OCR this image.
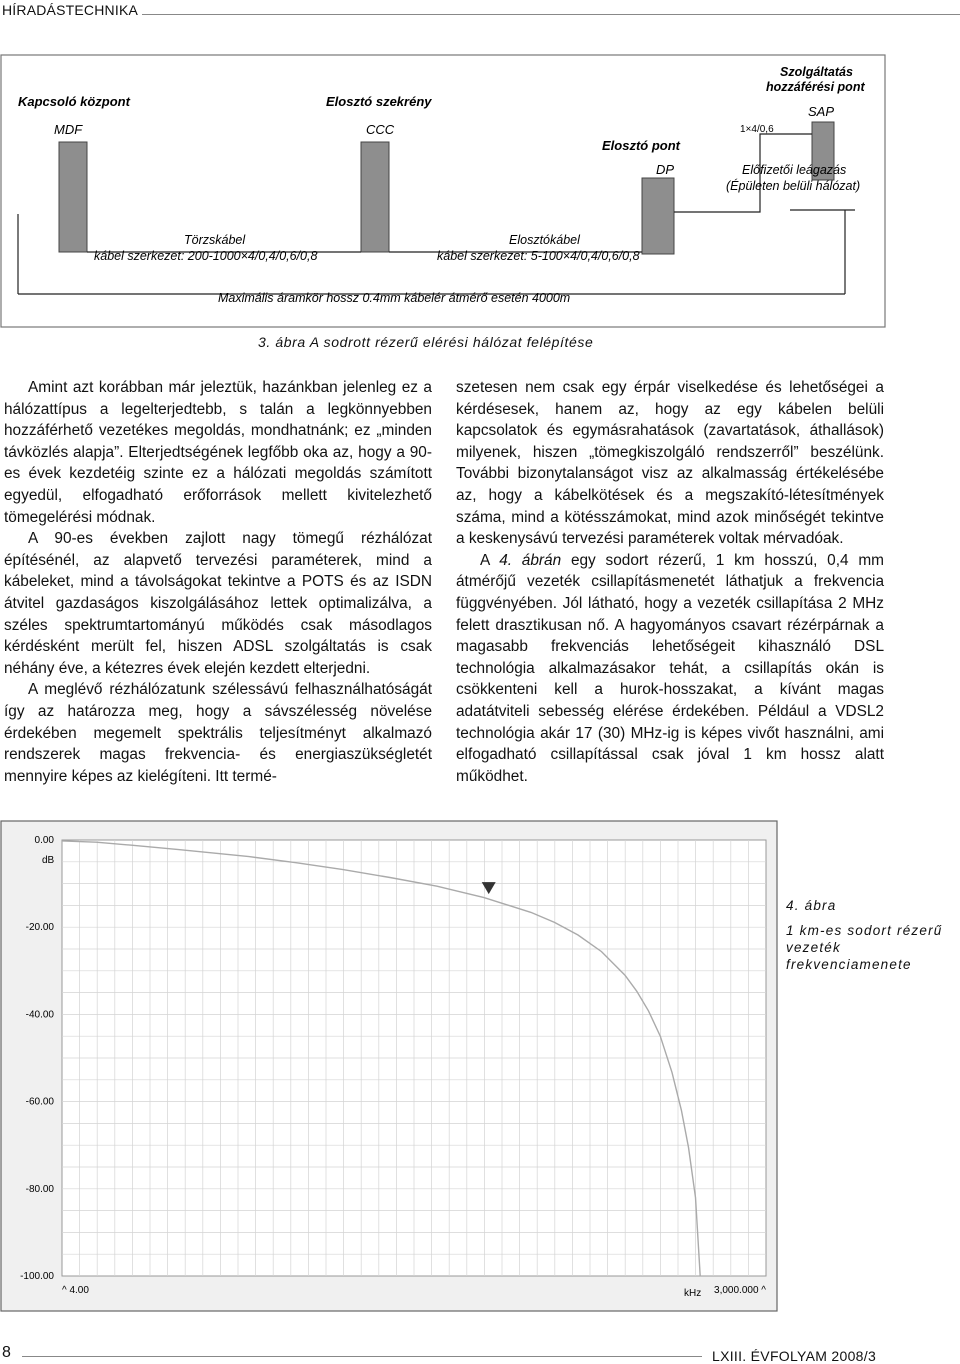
HÍRADÁSTECHNIKA
Kapcsoló központ
MDF
Elosztó szekrény
CCC
Szolgáltatás
hozzáférési pont
SAP
1×4/0,6
Elosztó pont
DP	Előfizetői leágazás
(Épületen belüli hálózat)
Törzskábel
kábel szerkezet: 200-1000×4/0,4/0,6/0,8
Elosztókábel
kábel szerkezet: 5-100×4/0,4/0,6/0,8
Maximális áramkör hossz 0.4mm kábelér átmérő esetén 4000m
3. ábra A sodrott rézerű elérési hálózat felépítése

Amint azt korábban már jeleztük, hazánkban jelenleg ez a hálózattípus a legelterjedtebb, s talán a legkönnyebben hozzáférhető vezetékes megoldás, mondhatnánk; ez „minden távközlés alapja”. Elterjedtségének legfőbb oka az, hogy a 90-es évek kezdetéig szinte ez a hálózati megoldás számított egyedül, elfogadható erőforrások mellett kivitelezhető tömegelérési módnak.

A 90-es években zajlott nagy tömegű rézhálózat építésénél, az alapvető tervezési paraméterek, mind a kábeleket, mind a távolságokat tekintve a POTS és az ISDN átvitel gazdaságos kiszolgálásához lettek optimalizálva, a széles spektrumtartományú működés csak másodlagos kérdésként merült fel, hiszen ADSL szolgáltatás is csak néhány éve, a kétezres évek elején kezdett elterjedni.

A meglévő rézhálózatunk szélessávú felhasználhatóságát így az határozza meg, hogy a sávszélesség növelése érdekében megemelt spektrális teljesítményt alkalmazó rendszerek magas frekvencia- és energiaszükségletét mennyire képes az kielégíteni. Itt termé-

szetesen nem csak egy érpár viselkedése és lehetőségei a kérdésesek, hanem az, hogy az egy kábelen belüli kapcsolatok és egymásrahatások (zavartatások, áthallások) milyenek, hiszen „tömegkiszolgáló rendszerről” beszélünk. További bizonytalanságot visz az alkalmasság értékelésébe az, hogy a kábelkötések és a megszakító-létesítmények száma, mind a kötésszámokat, mind azok minőségét tekintve a keskenysávú tervezési paraméterek voltak mérvadóak.

A 4. ábrán egy sodort rézerű, 1 km hosszú, 0,4 mm átmérőjű vezeték csillapításmenetét láthatjuk a frekvencia függvényében. Jól látható, hogy a vezeték csillapítása 2 MHz felett drasztikusan nő. A hagyományos csavart rézérpárnak a magasabb frekvenciás lehetőségeit kihasználó DSL technológia alkalmazásakor tehát, a csillapítás okán is csökkenteni kell a hurok-hosszakat, a kívánt magas adatátviteli sebesség elérése érdekében. Például a VDSL2 technológia akár 17 (30) MHz-ig is képes vivőt használni, ami elfogadható csillapítással csak jóval 1 km hossz alatt működhet.

0.00
-20.00
-40.00
-60.00
-80.00
-100.00
dB
^ 4.00	3,000.000 ^
kHz
4. ábra
1 km-es sodort rézerű vezeték frekvenciamenete
8	LXIII. ÉVFOLYAM 2008/3
